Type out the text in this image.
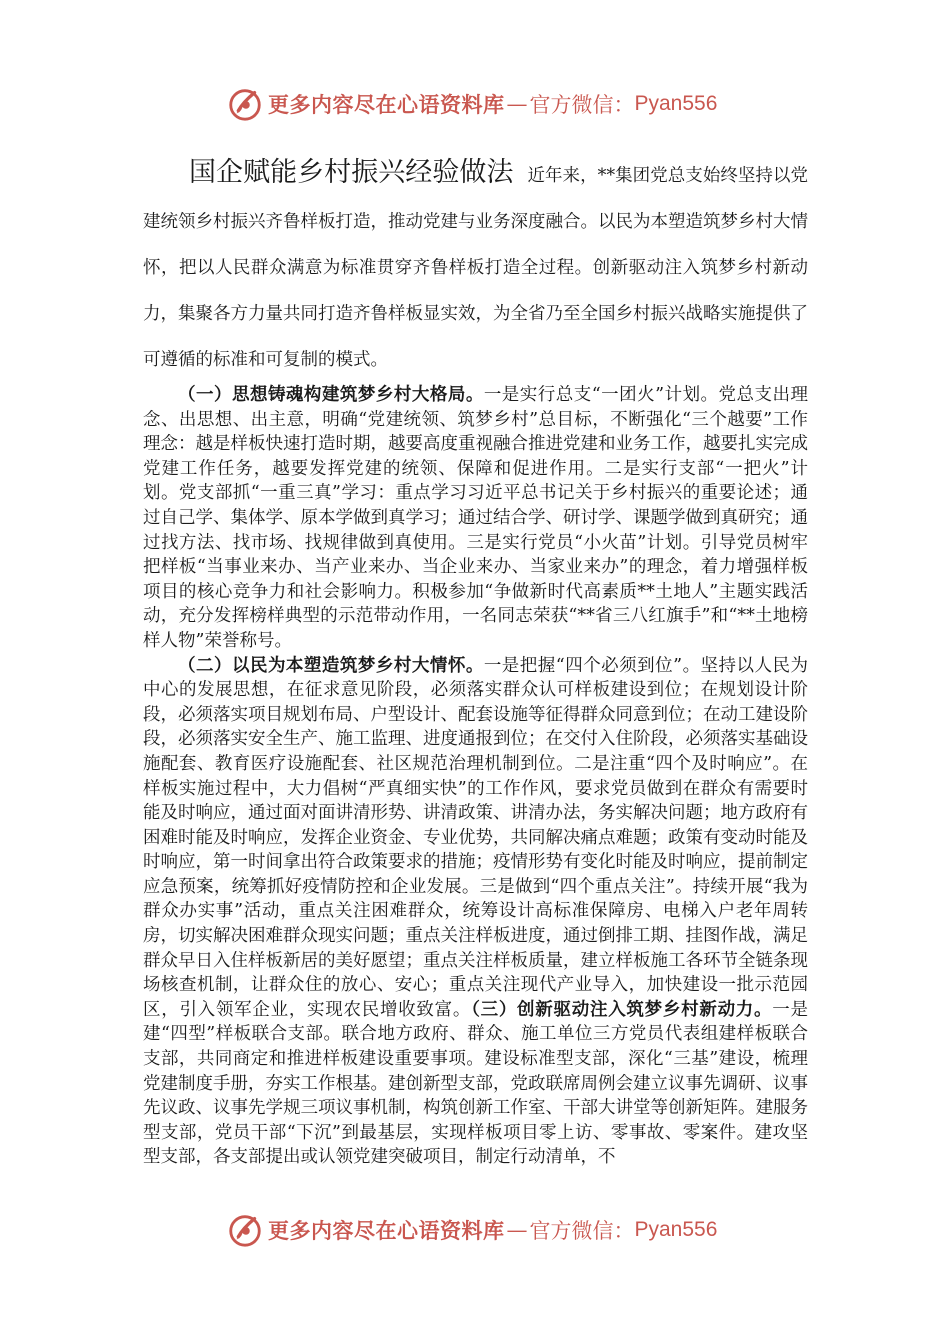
更多内容尽在心语资料库 — 官方微信： Pyan556

国企赋能乡村振兴经验做法 近年来，**集团党总支始终坚持以党建统领乡村振兴齐鲁样板打造，推动党建与业务深度融合。以民为本塑造筑梦乡村大情怀，把以人民群众满意为标准贯穿齐鲁样板打造全过程。创新驱动注入筑梦乡村新动力，集聚各方力量共同打造齐鲁样板显实效，为全省乃至全国乡村振兴战略实施提供了可遵循的标准和可复制的模式。

（一）思想铸魂构建筑梦乡村大格局。一是实行总支“一团火”计划。党总支出理念、出思想、出主意，明确“党建统领、筑梦乡村”总目标，不断强化“三个越要”工作理念：越是样板快速打造时期，越要高度重视融合推进党建和业务工作，越要扎实完成党建工作任务，越要发挥党建的统领、保障和促进作用。二是实行支部“一把火”计划。党支部抓“一重三真”学习：重点学习习近平总书记关于乡村振兴的重要论述；通过自己学、集体学、原本学做到真学习；通过结合学、研讨学、课题学做到真研究；通过找方法、找市场、找规律做到真使用。三是实行党员“小火苗”计划。引导党员树牢把样板“当事业来办、当产业来办、当企业来办、当家业来办”的理念，着力增强样板项目的核心竞争力和社会影响力。积极参加“争做新时代高素质**土地人”主题实践活动，充分发挥榜样典型的示范带动作用，一名同志荣获“**省三八红旗手”和“**土地榜样人物”荣誉称号。

（二）以民为本塑造筑梦乡村大情怀。一是把握“四个必须到位”。坚持以人民为中心的发展思想，在征求意见阶段，必须落实群众认可样板建设到位；在规划设计阶段，必须落实项目规划布局、户型设计、配套设施等征得群众同意到位；在动工建设阶段，必须落实安全生产、施工监理、进度通报到位；在交付入住阶段，必须落实基础设施配套、教育医疗设施配套、社区规范治理机制到位。二是注重“四个及时响应”。在样板实施过程中，大力倡树“严真细实快”的工作作风，要求党员做到在群众有需要时能及时响应，通过面对面讲清形势、讲清政策、讲清办法，务实解决问题；地方政府有困难时能及时响应，发挥企业资金、专业优势，共同解决痛点难题；政策有变动时能及时响应，第一时间拿出符合政策要求的措施；疫情形势有变化时能及时响应，提前制定应急预案，统筹抓好疫情防控和企业发展。三是做到“四个重点关注”。持续开展“我为群众办实事”活动，重点关注困难群众，统筹设计高标准保障房、电梯入户老年周转房，切实解决困难群众现实问题；重点关注样板进度，通过倒排工期、挂图作战，满足群众早日入住样板新居的美好愿望；重点关注样板质量，建立样板施工各环节全链条现场核查机制，让群众住的放心、安心；重点关注现代产业导入，加快建设一批示范园区，引入领军企业，实现农民增收致富。（三）创新驱动注入筑梦乡村新动力。一是建“四型”样板联合支部。联合地方政府、群众、施工单位三方党员代表组建样板联合支部，共同商定和推进样板建设重要事项。建设标准型支部，深化“三基”建设，梳理党建制度手册，夯实工作根基。建创新型支部，党政联席周例会建立议事先调研、议事先议政、议事先学规三项议事机制，构筑创新工作室、干部大讲堂等创新矩阵。建服务型支部，党员干部“下沉”到最基层，实现样板项目零上访、零事故、零案件。建攻坚型支部，各支部提出或认领党建突破项目，制定行动清单，不

更多内容尽在心语资料库 — 官方微信： Pyan556
